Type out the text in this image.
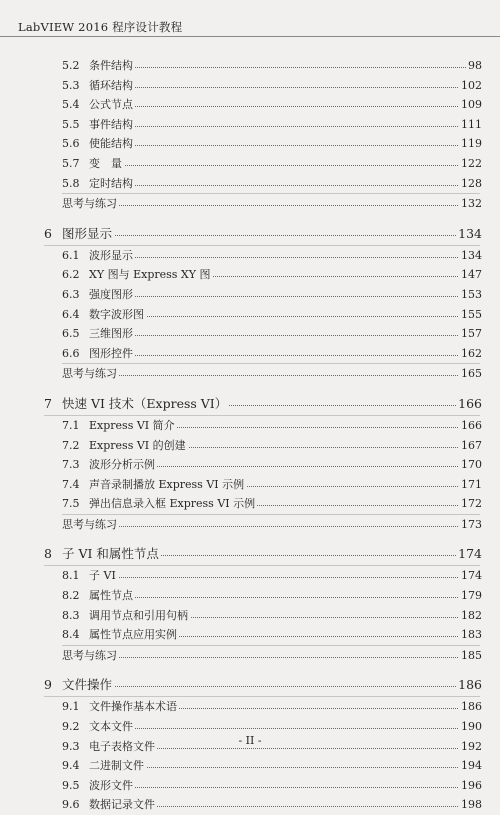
LabVIEW 2016 程序设计教程
5.2 条件结构	98
5.3 循环结构	102
5.4 公式节点	109
5.5 事件结构	111
5.6 使能结构	119
5.7 变　量	122
5.8 定时结构	128
思考与练习	132
6 图形显示	134
6.1 波形显示	134
6.2 XY 图与 Express XY 图	147
6.3 强度图形	153
6.4 数字波形图	155
6.5 三维图形	157
6.6 图形控件	162
思考与练习	165
7 快速 VI 技术（Express VI）	166
7.1 Express VI 简介	166
7.2 Express VI 的创建	167
7.3 波形分析示例	170
7.4 声音录制播放 Express VI 示例	171
7.5 弹出信息录入框 Express VI 示例	172
思考与练习	173
8 子 VI 和属性节点	174
8.1 子 VI	174
8.2 属性节点	179
8.3 调用节点和引用句柄	182
8.4 属性节点应用实例	183
思考与练习	185
9 文件操作	186
9.1 文件操作基本术语	186
9.2 文本文件	190
9.3 电子表格文件	192
9.4 二进制文件	194
9.5 波形文件	196
9.6 数据记录文件	198
- II -
